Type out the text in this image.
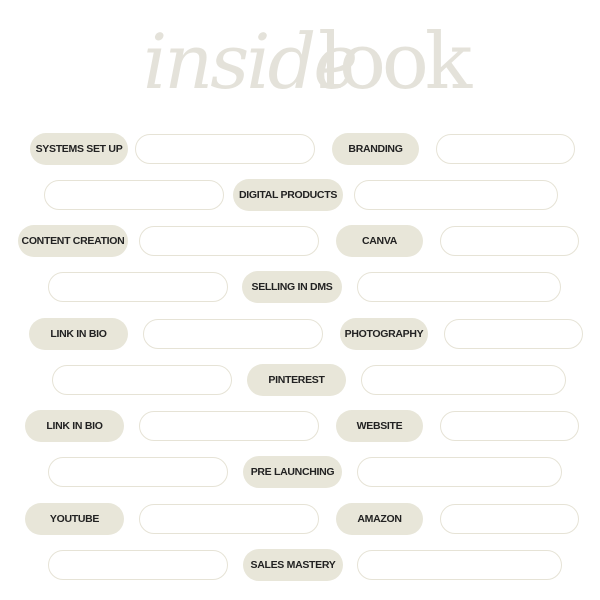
inside
look
SYSTEMS SET UP	BRANDING
DIGITAL PRODUCTS
CONTENT CREATION	CANVA
SELLING IN DMS
LINK IN BIO	PHOTOGRAPHY
PINTEREST
LINK IN BIO	WEBSITE
PRE LAUNCHING
YOUTUBE	AMAZON
SALES MASTERY
